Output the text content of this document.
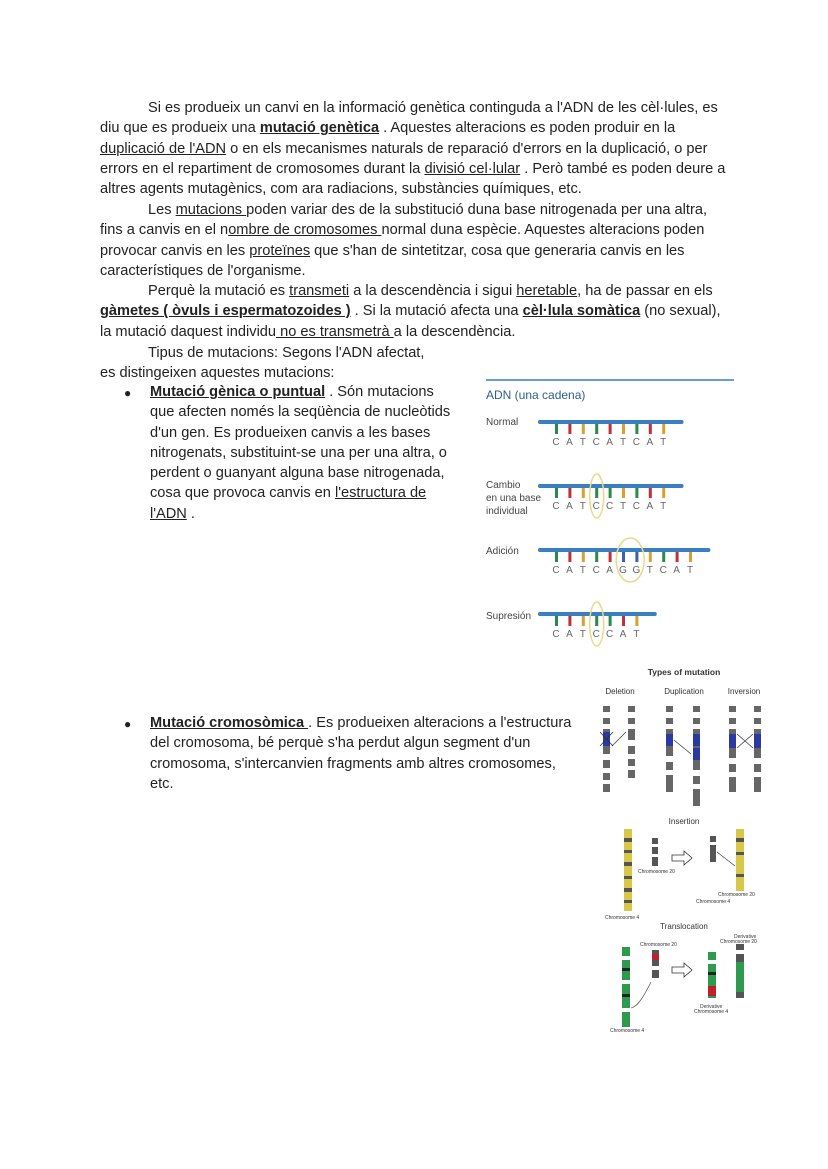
Si es produeix un canvi en la informació genètica continguda a l'ADN de les cèl·lules, es diu que es produeix una mutació genètica . Aquestes alteracions es poden produir en la duplicació de l'ADN o en els mecanismes naturals de reparació d'errors en la duplicació, o per errors en el repartiment de cromosomes durant la divisió cel·lular . Però també es poden deure a altres agents mutagènics, com ara radiacions, substàncies químiques, etc.

Les mutacions poden variar des de la substitució duna base nitrogenada per una altra, fins a canvis en el nombre de cromosomes normal duna espècie. Aquestes alteracions poden provocar canvis en les proteïnes que s'han de sintetitzar, cosa que generaria canvis en les característiques de l'organisme.

Perquè la mutació es transmeti a la descendència i sigui heretable, ha de passar en els gàmetes ( òvuls i espermatozoides ) . Si la mutació afecta una cèl·lula somàtica (no sexual), la mutació daquest individu no es transmetrà a la descendència.

Tipus de mutacions: Segons l'ADN afectat,
es distingeixen aquestes mutacions:
● Mutació gènica o puntual . Són mutacions que afecten només la seqüència de nucleòtids d'un gen. Es produeixen canvis a les bases nitrogenats, substituint-se una per una altra, o perdent o guanyant alguna base nitrogenada, cosa que provoca canvis en l'estructura de l'ADN .

● Mutació cromosòmica . Es produeixen alteracions a l'estructura del cromosoma, bé perquè s'ha perdut algun segment d'un cromosoma, s'intercanvien fragments amb altres cromosomes, etc.

ADN (una cadena)
Normal
Cambio en una base individual
Adición
Supresión
C A T C A T C A T
C A T C C T C A T
C A T C A G G T C A T
C A T C C A T
Types of mutation
Deletion	Duplication	Inversion
Insertion
Chromosome 20
Chromosome 4
Chromosome 20
Chromosome 4
Translocation
Chromosome 20
Chromosome 4
Derivative Chromosome 20
Derivative Chromosome 4
